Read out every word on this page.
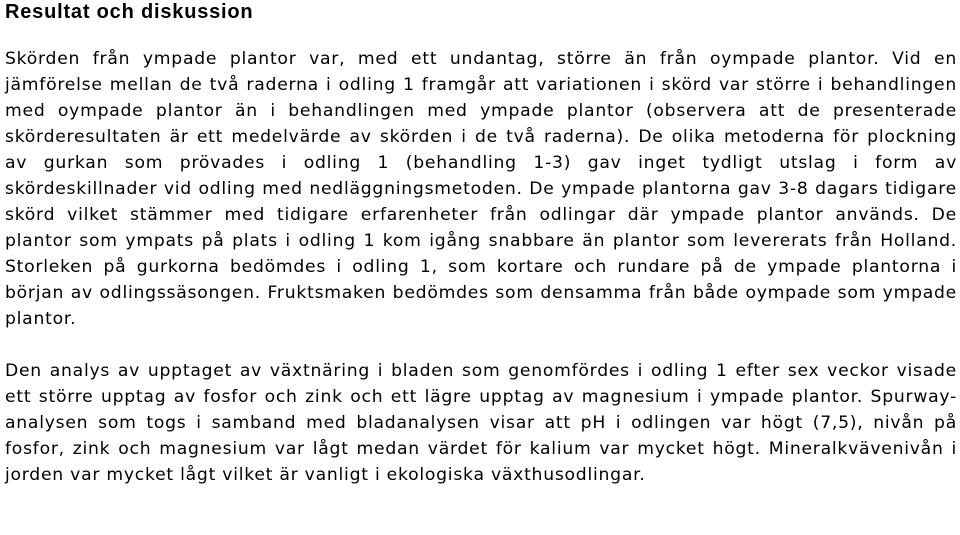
Resultat och diskussion

Skörden från ympade plantor var, med ett undantag, större än från oympade plantor. Vid en jämförelse mellan de två raderna i odling 1 framgår att variationen i skörd var större i behandlingen med oympade plantor än i behandlingen med ympade plantor (observera att de presenterade skörderesultaten är ett medelvärde av skörden i de två raderna). De olika metoderna för plockning av gurkan som prövades i odling 1 (behandling 1-3) gav inget tydligt utslag i form av skördeskillnader vid odling med nedläggningsmetoden. De ympade plantorna gav 3-8 dagars tidigare skörd vilket stämmer med tidigare erfarenheter från odlingar där ympade plantor används. De plantor som ympats på plats i odling 1 kom igång snabbare än plantor som levererats från Holland. Storleken på gurkorna bedömdes i odling 1, som kortare och rundare på de ympade plantorna i början av odlingssäsongen. Fruktsmaken bedömdes som densamma från både oympade som ympade plantor.

Den analys av upptaget av växtnäring i bladen som genomfördes i odling 1 efter sex veckor visade ett större upptag av fosfor och zink och ett lägre upptag av magnesium i ympade plantor. Spurway-analysen som togs i samband med bladanalysen visar att pH i odlingen var högt (7,5), nivån på fosfor, zink och magnesium var lågt medan värdet för kalium var mycket högt. Mineralkvävenivån i jorden var mycket lågt vilket är vanligt i ekologiska växthusodlingar.
